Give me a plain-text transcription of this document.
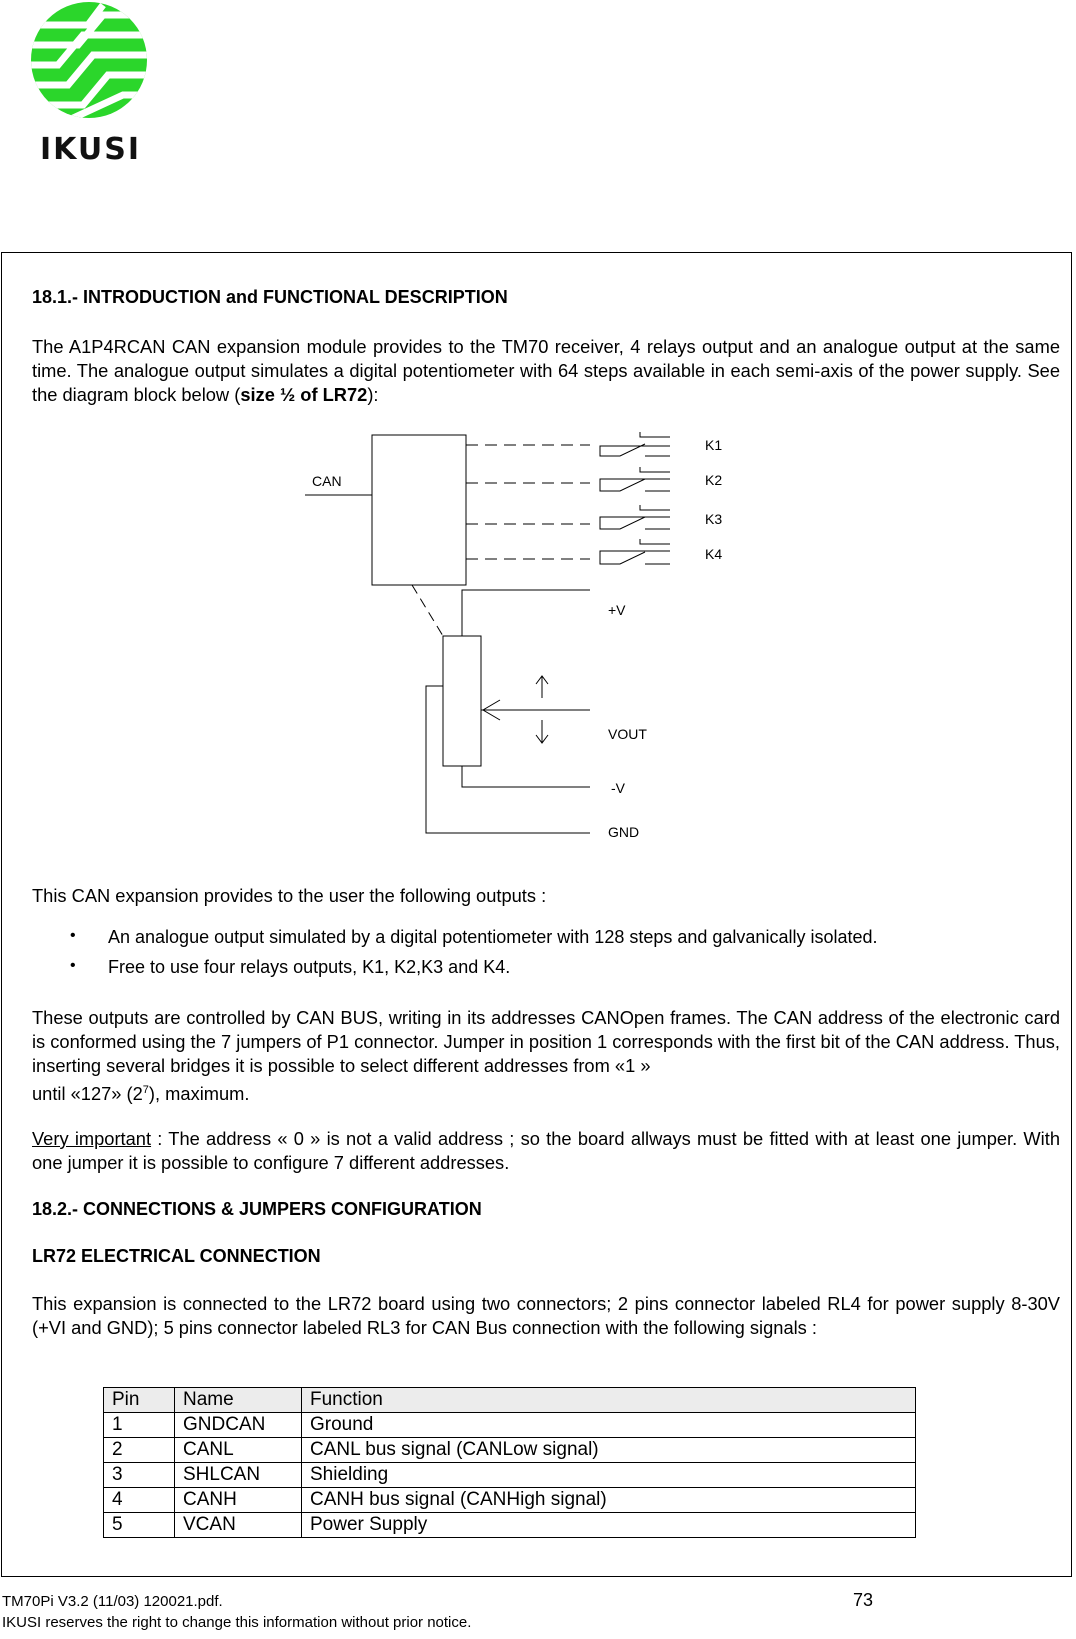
IKUSI
18.1.- INTRODUCTION and FUNCTIONAL DESCRIPTION

The A1P4RCAN CAN expansion module provides to the TM70 receiver, 4 relays output and an analogue output at the same time. The analogue output simulates a digital potentiometer with 64 steps available in each semi-axis of the power supply. See the diagram block below (size ½ of LR72):

CAN
K1
K2
K3
K4
+V
VOUT
-V
GND
This CAN expansion provides to the user the following outputs :
•	An analogue output simulated by a digital potentiometer with 128 steps and galvanically isolated.
•	Free to use four relays outputs, K1, K2,K3 and K4.

These outputs are controlled by CAN BUS, writing in its addresses CANOpen frames. The CAN address of the electronic card is conformed using the 7 jumpers of P1 connector. Jumper in position 1 corresponds with the first bit of the CAN address. Thus, inserting several bridges it is possible to select different addresses from «1 »
until «127» $(2^7)$, maximum.

Very important : The address « 0 » is not a valid address ; so the board allways must be fitted with at least one jumper. With one jumper it is possible to configure 7 different addresses.

18.2.- CONNECTIONS & JUMPERS CONFIGURATION
LR72 ELECTRICAL CONNECTION

This expansion is connected to the LR72 board using two connectors; 2 pins connector labeled RL4 for power supply 8-30V (+VI and GND); 5 pins connector labeled RL3 for CAN Bus connection with the following signals :

Pin	Name	Function
1	GNDCAN	Ground
2	CANL	CANL bus signal (CANLow signal)
3	SHLCAN	Shielding
4	CANH	CANH bus signal (CANHigh signal)
5	VCAN	Power Supply
TM70Pi V3.2 (11/03) 120021.pdf.
IKUSI reserves the right to change this information without prior notice.
73
